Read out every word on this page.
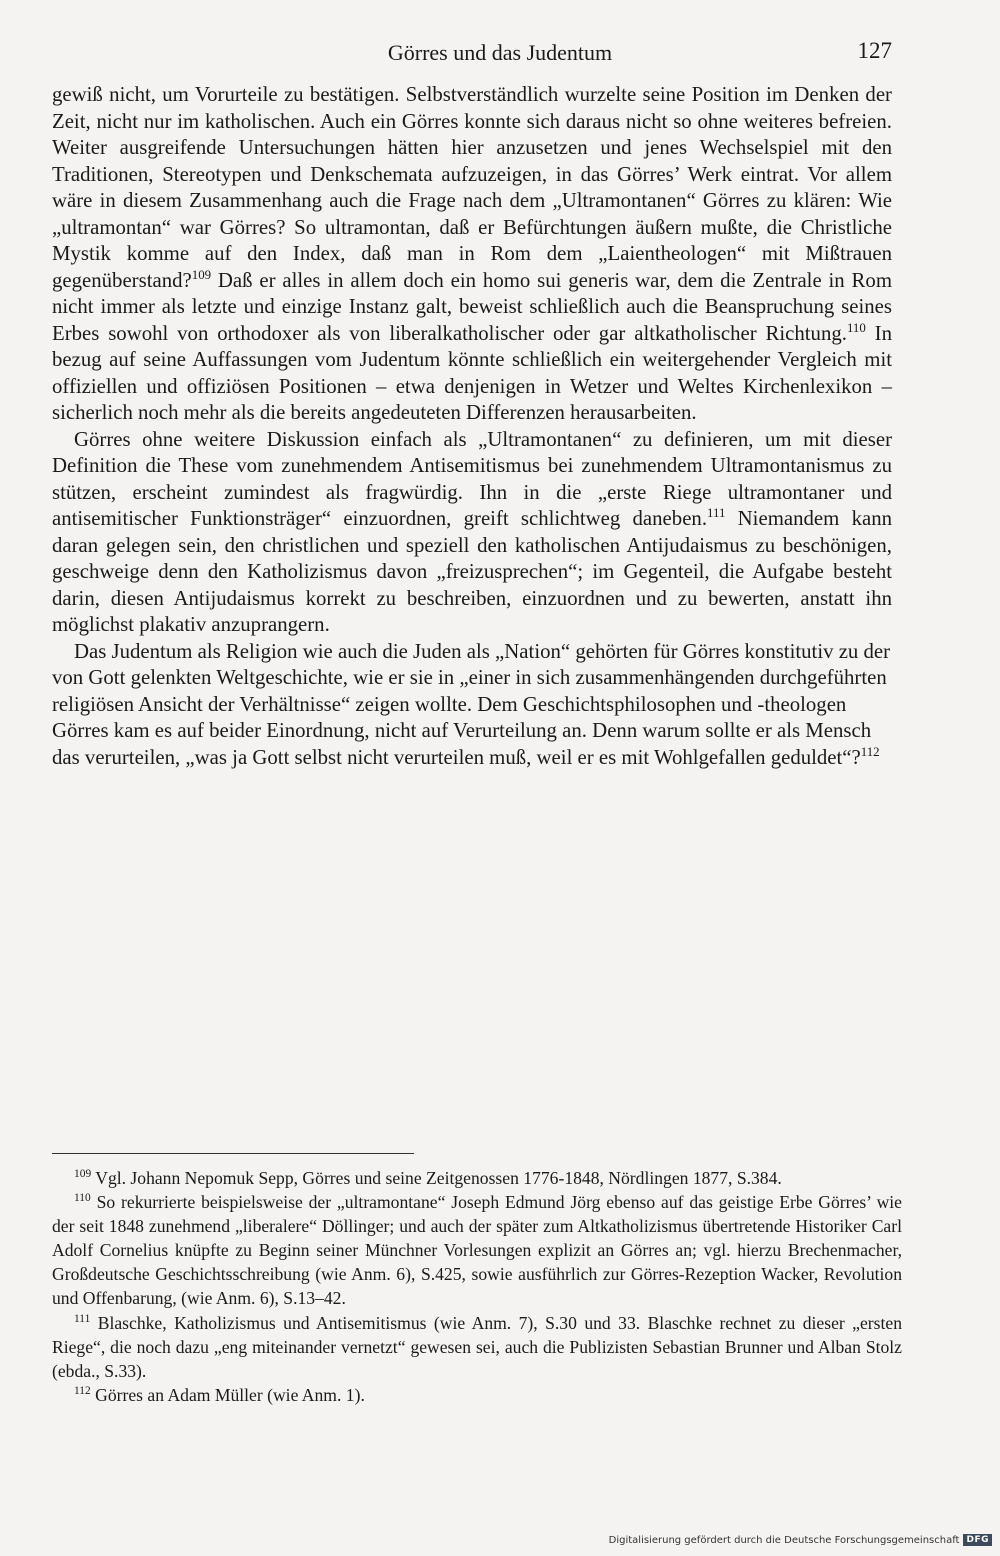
Görres und das Judentum	127

gewiß nicht, um Vorurteile zu bestätigen. Selbstverständlich wurzelte seine Position im Denken der Zeit, nicht nur im katholischen. Auch ein Görres konnte sich daraus nicht so ohne weiteres befreien. Weiter ausgreifende Untersuchungen hätten hier anzusetzen und jenes Wechselspiel mit den Traditionen, Stereotypen und Denkschemata aufzuzeigen, in das Görres’ Werk eintrat. Vor allem wäre in diesem Zusammenhang auch die Frage nach dem „Ultramontanen“ Görres zu klären: Wie „ultramontan“ war Görres? So ultramontan, daß er Befürchtungen äußern mußte, die Christliche Mystik komme auf den Index, daß man in Rom dem „Laientheologen“ mit Mißtrauen gegenüberstand?$^{109}$ Daß er alles in allem doch ein homo sui generis war, dem die Zentrale in Rom nicht immer als letzte und einzige Instanz galt, beweist schließlich auch die Beanspruchung seines Erbes sowohl von orthodoxer als von liberalkatholischer oder gar altkatholischer Richtung.$^{110}$ In bezug auf seine Auffassungen vom Judentum könnte schließlich ein weitergehender Vergleich mit offiziellen und offiziösen Positionen – etwa denjenigen in Wetzer und Weltes Kirchenlexikon – sicherlich noch mehr als die bereits angedeuteten Differenzen herausarbeiten.

Görres ohne weitere Diskussion einfach als „Ultramontanen“ zu definieren, um mit dieser Definition die These vom zunehmendem Antisemitismus bei zunehmendem Ultramontanismus zu stützen, erscheint zumindest als fragwürdig. Ihn in die „erste Riege ultramontaner und antisemitischer Funktionsträger“ einzuordnen, greift schlichtweg daneben.$^{111}$ Niemandem kann daran gelegen sein, den christlichen und speziell den katholischen Antijudaismus zu beschönigen, geschweige denn den Katholizismus davon „freizusprechen“; im Gegenteil, die Aufgabe besteht darin, diesen Antijudaismus korrekt zu beschreiben, einzuordnen und zu bewerten, anstatt ihn möglichst plakativ anzuprangern.

Das Judentum als Religion wie auch die Juden als „Nation“ gehörten für Görres konstitutiv zu der von Gott gelenkten Weltgeschichte, wie er sie in „einer in sich zusammenhängenden durchgeführten religiösen Ansicht der Verhältnisse“ zeigen wollte. Dem Geschichtsphilosophen und -theologen Görres kam es auf beider Einordnung, nicht auf Verurteilung an. Denn warum sollte er als Mensch das verurteilen, „was ja Gott selbst nicht verurteilen muß, weil er es mit Wohlgefallen geduldet“?$^{112}$

$^{109}$ Vgl. Johann Nepomuk Sepp, Görres und seine Zeitgenossen 1776-1848, Nördlingen 1877, S.384.

$^{110}$ So rekurrierte beispielsweise der „ultramontane“ Joseph Edmund Jörg ebenso auf das geistige Erbe Görres’ wie der seit 1848 zunehmend „liberalere“ Döllinger; und auch der später zum Altkatholizismus übertretende Historiker Carl Adolf Cornelius knüpfte zu Beginn seiner Münchner Vorlesungen explizit an Görres an; vgl. hierzu Brechenmacher, Großdeutsche Geschichtsschreibung (wie Anm. 6), S.425, sowie ausführlich zur Görres-Rezeption Wacker, Revolution und Offenbarung, (wie Anm. 6), S.13–42.

$^{111}$ Blaschke, Katholizismus und Antisemitismus (wie Anm. 7), S.30 und 33. Blaschke rechnet zu dieser „ersten Riege“, die noch dazu „eng miteinander vernetzt“ gewesen sei, auch die Publizisten Sebastian Brunner und Alban Stolz (ebda., S.33).

$^{112}$ Görres an Adam Müller (wie Anm. 1).

Digitalisierung gefördert durch die Deutsche Forschungsgemeinschaft DFG
